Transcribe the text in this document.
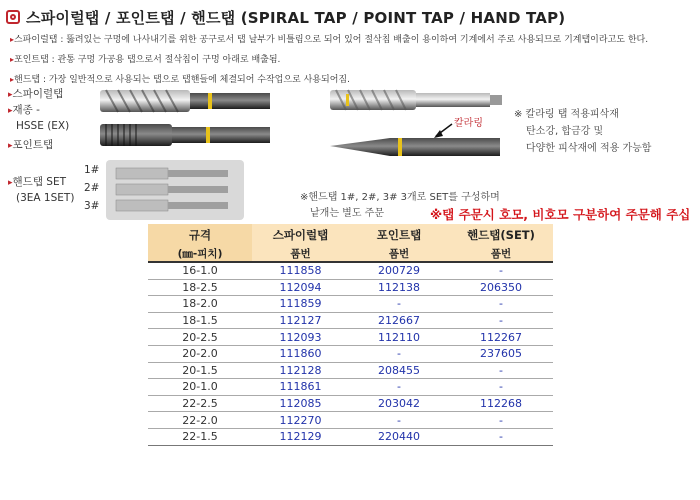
스파이럴탭 / 포인트탭 / 핸드탭 (SPIRAL TAP / POINT TAP / HAND TAP)
▸ 스파이럴탭 : 뚫려있는 구멍에 나사내기를 위한 공구로서 탭 날부가 비틀림으로 되어 있어 절삭칩 배출이 용이하여 기계에서 주로 사용되므로 기계탭이라고도 한다.
▸ 포인트탭 : 관통 구멍 가공용 탭으로서 절삭칩이 구멍 아래로 배출됨.
▸ 핸드탭 : 가장 일반적으로 사용되는 탭으로 탭핸들에 체결되어 수작업으로 사용되어짐.
▸ 스파이럴탭
▸ 재종 -
HSSE (EX)
▸ 포인트탭
▸ 핸드탭 SET
(3EA 1SET)
1#
2#
3#
칼라링
※ 칼라링 탭 적용피삭재
탄소강, 합금강 및
다양한 피삭재에 적용 가능함
※핸드탭 1#, 2#, 3# 3개로 SET를 구성하며
낱개는 별도 주문	※탭 주문시 호모, 비호모 구분하여 주문해 주십
규격	스파이럴탭	포인트탭	핸드탭(SET)
(㎜-피치)	품번	품번	품번
16-1.0	111858	200729	-
18-2.5	112094	112138	206350
18-2.0	111859	-	-
18-1.5	112127	212667	-
20-2.5	112093	112110	112267
20-2.0	111860	-	237605
20-1.5	112128	208455	-
20-1.0	111861	-	-
22-2.5	112085	203042	112268
22-2.0	112270	-	-
22-1.5	112129	220440	-
